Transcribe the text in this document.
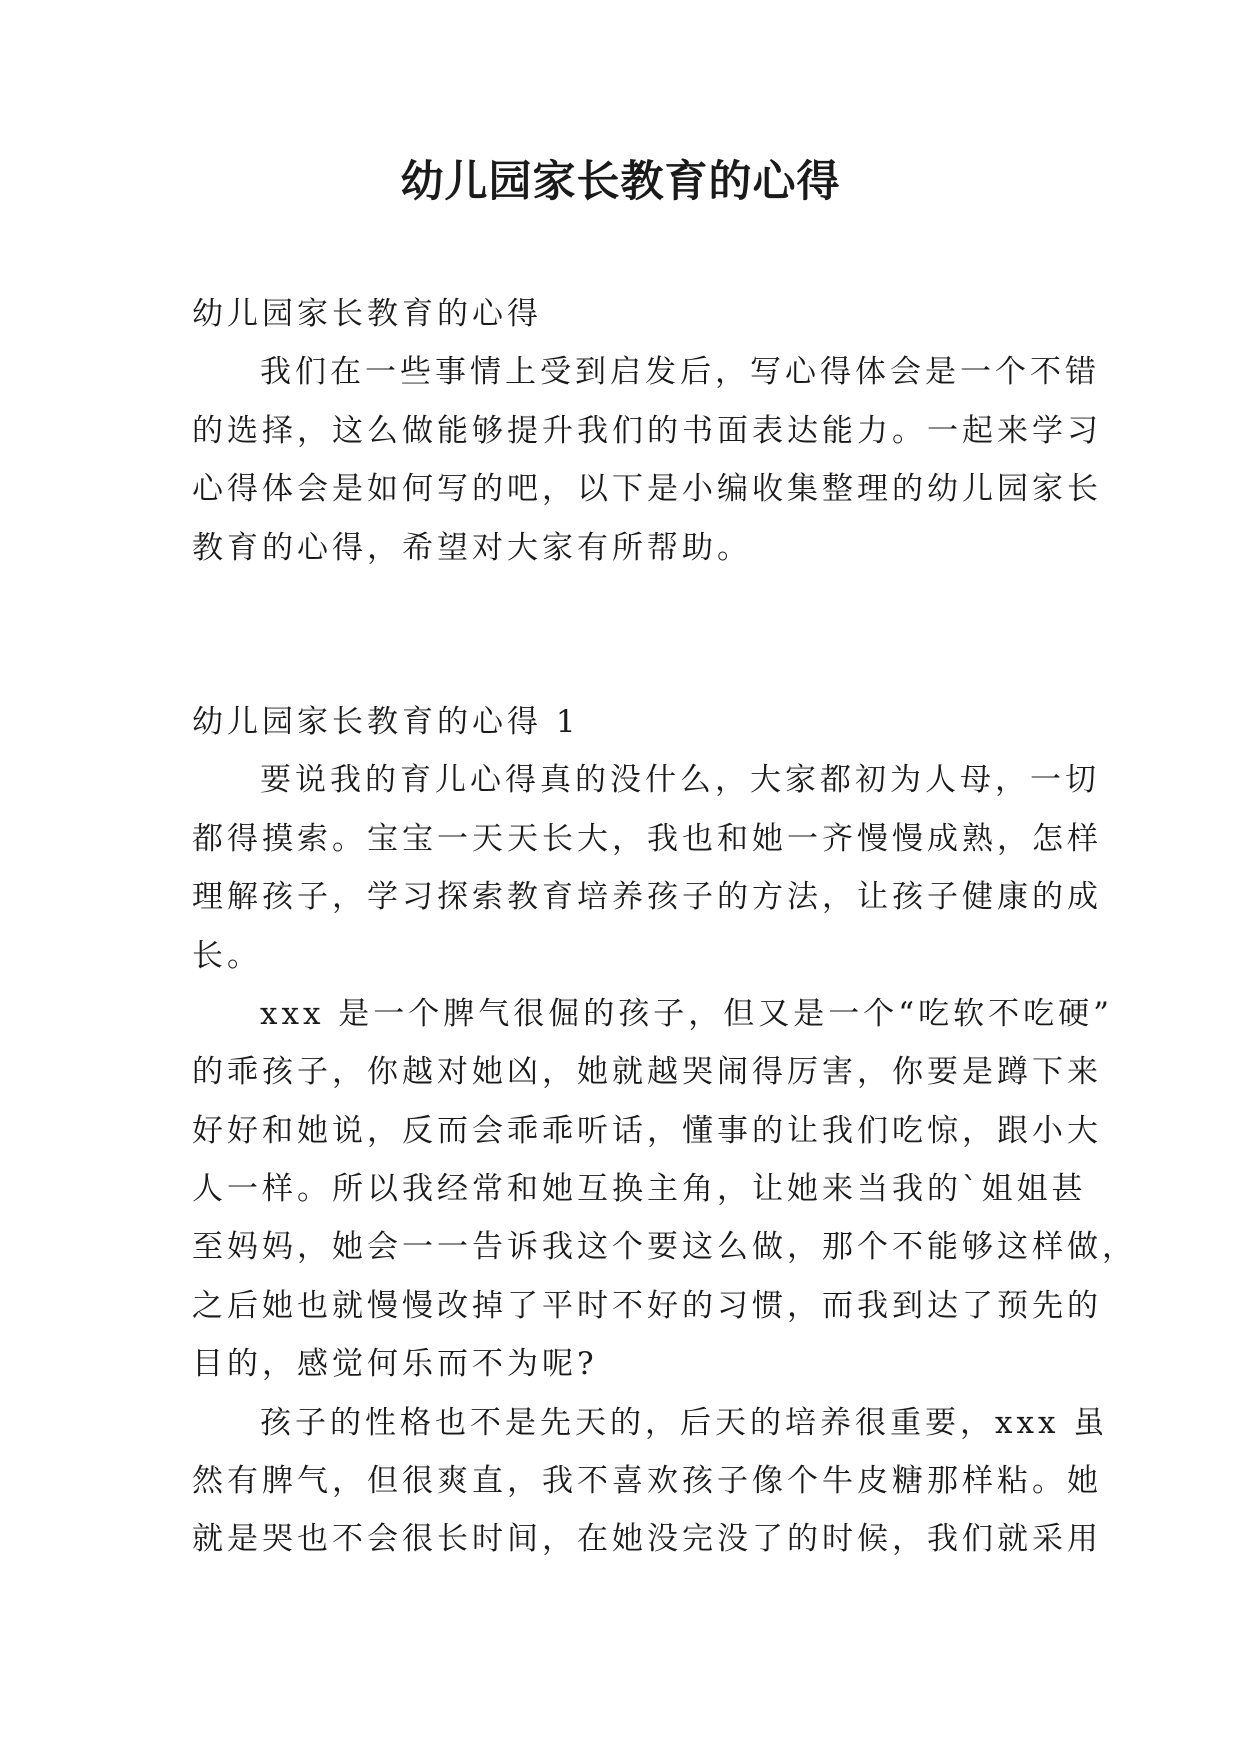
幼儿园家长教育的心得
幼儿园家长教育的心得
我们在一些事情上受到启发后，写心得体会是一个不错
的选择，这么做能够提升我们的书面表达能力。一起来学习
心得体会是如何写的吧，以下是小编收集整理的幼儿园家长
教育的心得，希望对大家有所帮助。
幼儿园家长教育的心得 1
要说我的育儿心得真的没什么，大家都初为人母，一切
都得摸索。宝宝一天天长大，我也和她一齐慢慢成熟，怎样
理解孩子，学习探索教育培养孩子的方法，让孩子健康的成
长。
xxx 是一个脾气很倔的孩子，但又是一个“吃软不吃硬”
的乖孩子，你越对她凶，她就越哭闹得厉害，你要是蹲下来
好好和她说，反而会乖乖听话，懂事的让我们吃惊，跟小大
人一样。所以我经常和她互换主角，让她来当我的`姐姐甚
至妈妈，她会一一告诉我这个要这么做，那个不能够这样做，
之后她也就慢慢改掉了平时不好的习惯，而我到达了预先的
目的，感觉何乐而不为呢?
孩子的性格也不是先天的，后天的培养很重要，xxx 虽
然有脾气，但很爽直，我不喜欢孩子像个牛皮糖那样粘。她
就是哭也不会很长时间，在她没完没了的时候，我们就采用
